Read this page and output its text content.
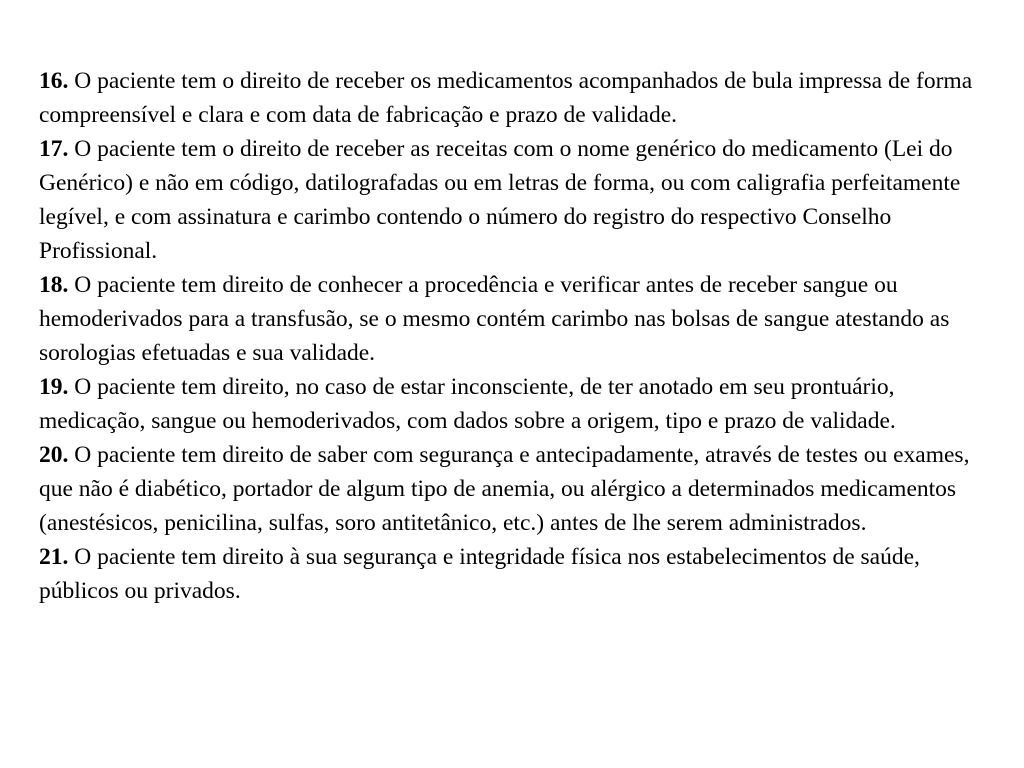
16. O paciente tem o direito de receber os medicamentos acompanhados de bula impressa de forma compreensível e clara e com data de fabricação e prazo de validade.

17. O paciente tem o direito de receber as receitas com o nome genérico do medicamento (Lei do Genérico) e não em código, datilografadas ou em letras de forma, ou com caligrafia perfeitamente legível, e com assinatura e carimbo contendo o número do registro do respectivo Conselho Profissional.

18. O paciente tem direito de conhecer a procedência e verificar antes de receber sangue ou hemoderivados para a transfusão, se o mesmo contém carimbo nas bolsas de sangue atestando as sorologias efetuadas e sua validade.

19. O paciente tem direito, no caso de estar inconsciente, de ter anotado em seu prontuário, medicação, sangue ou hemoderivados, com dados sobre a origem, tipo e prazo de validade.

20. O paciente tem direito de saber com segurança e antecipadamente, através de testes ou exames, que não é diabético, portador de algum tipo de anemia, ou alérgico a determinados medicamentos (anestésicos, penicilina, sulfas, soro antitetânico, etc.) antes de lhe serem administrados.

21. O paciente tem direito à sua segurança e integridade física nos estabelecimentos de saúde, públicos ou privados.
